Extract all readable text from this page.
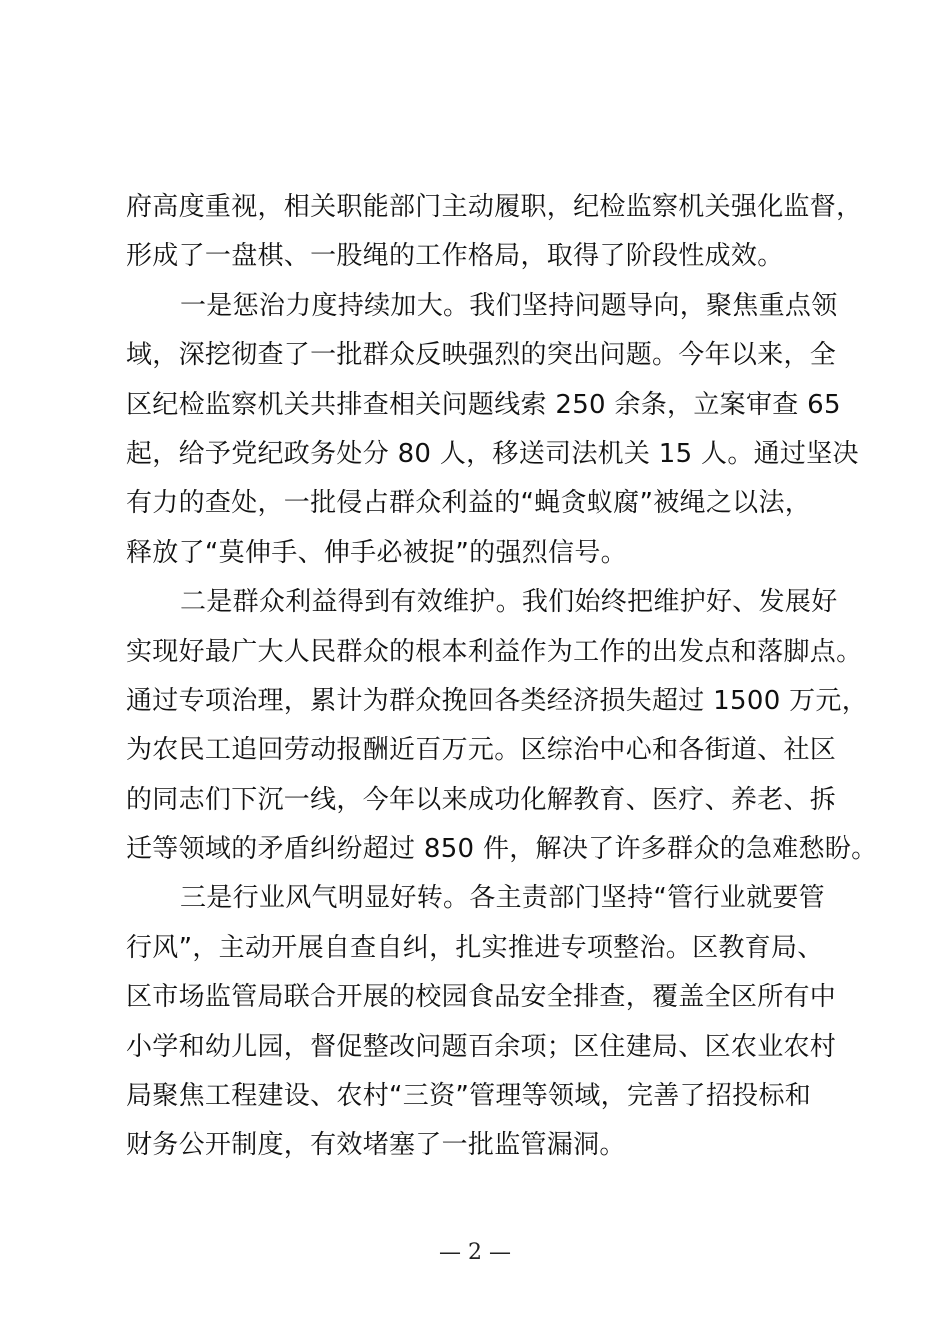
府高度重视，相关职能部门主动履职，纪检监察机关强化监督，
形成了一盘棋、一股绳的工作格局，取得了阶段性成效。
一是惩治力度持续加大。我们坚持问题导向，聚焦重点领
域，深挖彻查了一批群众反映强烈的突出问题。今年以来，全
区纪检监察机关共排查相关问题线索 250 余条，立案审查 65
起，给予党纪政务处分 80 人，移送司法机关 15 人。通过坚决
有力的查处，一批侵占群众利益的“蝇贪蚁腐”被绳之以法，
释放了“莫伸手、伸手必被捉”的强烈信号。
二是群众利益得到有效维护。我们始终把维护好、发展好
实现好最广大人民群众的根本利益作为工作的出发点和落脚点。
通过专项治理，累计为群众挽回各类经济损失超过 1500 万元，
为农民工追回劳动报酬近百万元。区综治中心和各街道、社区
的同志们下沉一线，今年以来成功化解教育、医疗、养老、拆
迁等领域的矛盾纠纷超过 850 件，解决了许多群众的急难愁盼。
三是行业风气明显好转。各主责部门坚持“管行业就要管
行风”，主动开展自查自纠，扎实推进专项整治。区教育局、
区市场监管局联合开展的校园食品安全排查，覆盖全区所有中
小学和幼儿园，督促整改问题百余项；区住建局、区农业农村
局聚焦工程建设、农村“三资”管理等领域，完善了招投标和
财务公开制度，有效堵塞了一批监管漏洞。
— 2 —
